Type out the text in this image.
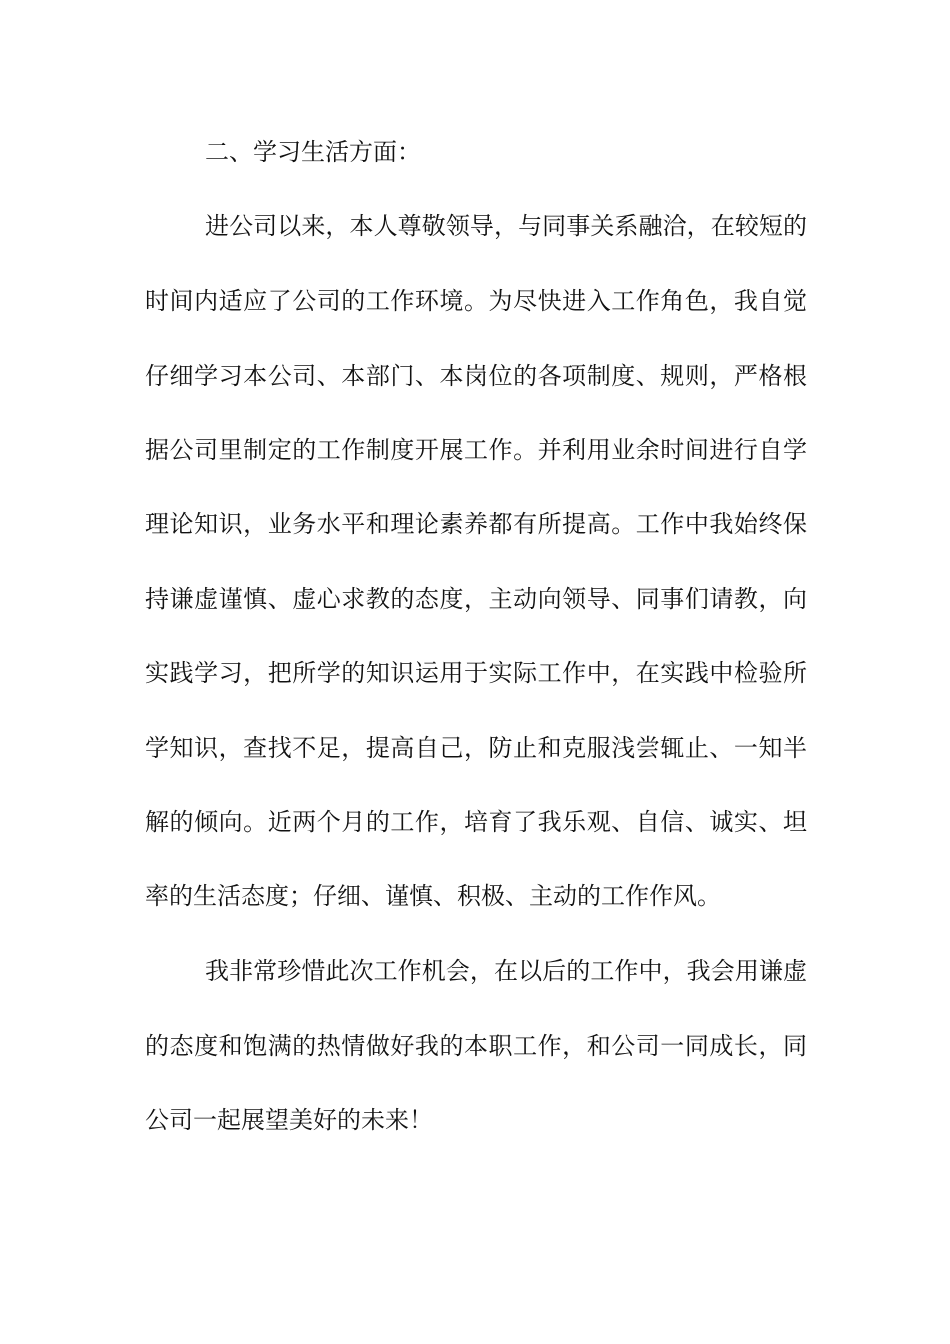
二、学习生活方面：
进公司以来，本人尊敬领导，与同事关系融洽，在较短的
时间内适应了公司的工作环境。为尽快进入工作角色，我自觉
仔细学习本公司、本部门、本岗位的各项制度、规则，严格根
据公司里制定的工作制度开展工作。并利用业余时间进行自学
理论知识，业务水平和理论素养都有所提高。工作中我始终保
持谦虚谨慎、虚心求教的态度，主动向领导、同事们请教，向
实践学习，把所学的知识运用于实际工作中，在实践中检验所
学知识，查找不足，提高自己，防止和克服浅尝辄止、一知半
解的倾向。近两个月的工作，培育了我乐观、自信、诚实、坦
率的生活态度；仔细、谨慎、积极、主动的工作作风。
我非常珍惜此次工作机会，在以后的工作中，我会用谦虚
的态度和饱满的热情做好我的本职工作，和公司一同成长，同
公司一起展望美好的未来！
